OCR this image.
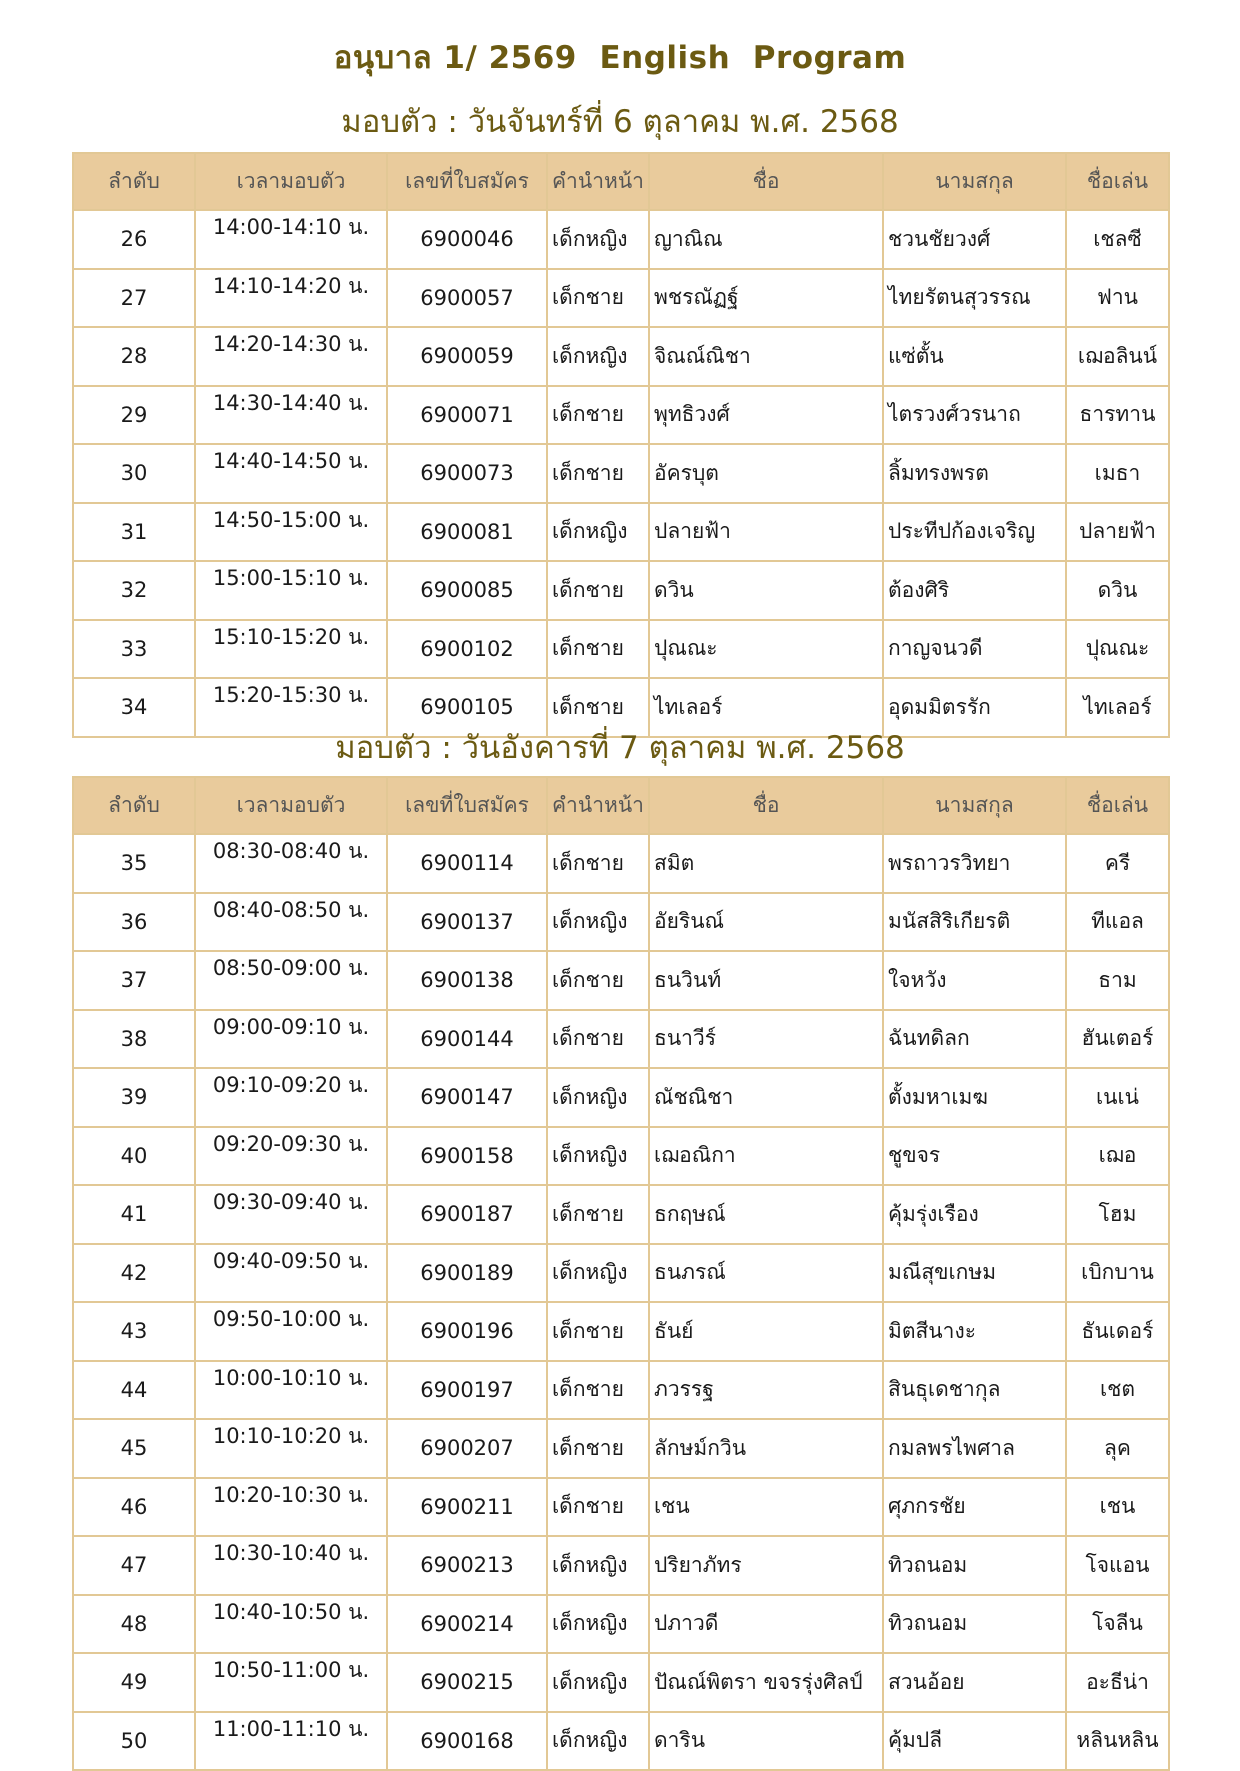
อนุบาล 1/ 2569  English  Program
มอบตัว : วันจันทร์ที่ 6 ตุลาคม พ.ศ. 2568
ลำดับ	เวลามอบตัว	เลขที่ใบสมัคร	คำนำหน้า	ชื่อ	นามสกุล	ชื่อเล่น
26	14:00-14:10 น.	6900046	เด็กหญิง	ญาณิณ	ชวนชัยวงศ์	เชลซี
27	14:10-14:20 น.	6900057	เด็กชาย	พชรณัฏฐ์	ไทยรัตนสุวรรณ	ฟาน
28	14:20-14:30 น.	6900059	เด็กหญิง	จิณณ์ณิชา	แซ่ตั้น	เฌอลินน์
29	14:30-14:40 น.	6900071	เด็กชาย	พุทธิวงศ์	ไตรวงศ์วรนาถ	ธารทาน
30	14:40-14:50 น.	6900073	เด็กชาย	อัครบุต	ลิ้มทรงพรต	เมธา
31	14:50-15:00 น.	6900081	เด็กหญิง	ปลายฟ้า	ประทีปก้องเจริญ	ปลายฟ้า
32	15:00-15:10 น.	6900085	เด็กชาย	ดวิน	ต้องศิริ	ดวิน
33	15:10-15:20 น.	6900102	เด็กชาย	ปุณณะ	กาญจนวดี	ปุณณะ
34	15:20-15:30 น.	6900105	เด็กชาย	ไทเลอร์	อุดมมิตรรัก	ไทเลอร์
มอบตัว : วันอังคารที่ 7 ตุลาคม พ.ศ. 2568
ลำดับ	เวลามอบตัว	เลขที่ใบสมัคร	คำนำหน้า	ชื่อ	นามสกุล	ชื่อเล่น
35	08:30-08:40 น.	6900114	เด็กชาย	สมิต	พรถาวรวิทยา	ครี
36	08:40-08:50 น.	6900137	เด็กหญิง	อัยรินณ์	มนัสสิริเกียรติ	ทีแอล
37	08:50-09:00 น.	6900138	เด็กชาย	ธนวินท์	ใจหวัง	ธาม
38	09:00-09:10 น.	6900144	เด็กชาย	ธนาวีร์	ฉันทดิลก	ฮันเตอร์
39	09:10-09:20 น.	6900147	เด็กหญิง	ณัชณิชา	ตั้งมหาเมฆ	เนเน่
40	09:20-09:30 น.	6900158	เด็กหญิง	เฌอณิกา	ชูขจร	เฌอ
41	09:30-09:40 น.	6900187	เด็กชาย	ธกฤษณ์	คุ้มรุ่งเรือง	โฮม
42	09:40-09:50 น.	6900189	เด็กหญิง	ธนภรณ์	มณีสุขเกษม	เบิกบาน
43	09:50-10:00 น.	6900196	เด็กชาย	ธันย์	มิตสีนางะ	ธันเดอร์
44	10:00-10:10 น.	6900197	เด็กชาย	ภวรรฐ	สินธุเดชากุล	เชต
45	10:10-10:20 น.	6900207	เด็กชาย	ลักษม์กวิน	กมลพรไพศาล	ลุค
46	10:20-10:30 น.	6900211	เด็กชาย	เชน	ศุภกรชัย	เชน
47	10:30-10:40 น.	6900213	เด็กหญิง	ปริยาภัทร	ทิวถนอม	โจแอน
48	10:40-10:50 น.	6900214	เด็กหญิง	ปภาวดี	ทิวถนอม	โจลีน
49	10:50-11:00 น.	6900215	เด็กหญิง	ปัณณ์พิตรา ขจรรุ่งศิลป์	สวนอ้อย	อะธีน่า
50	11:00-11:10 น.	6900168	เด็กหญิง	ดาริน	คุ้มปลี	หลินหลิน
